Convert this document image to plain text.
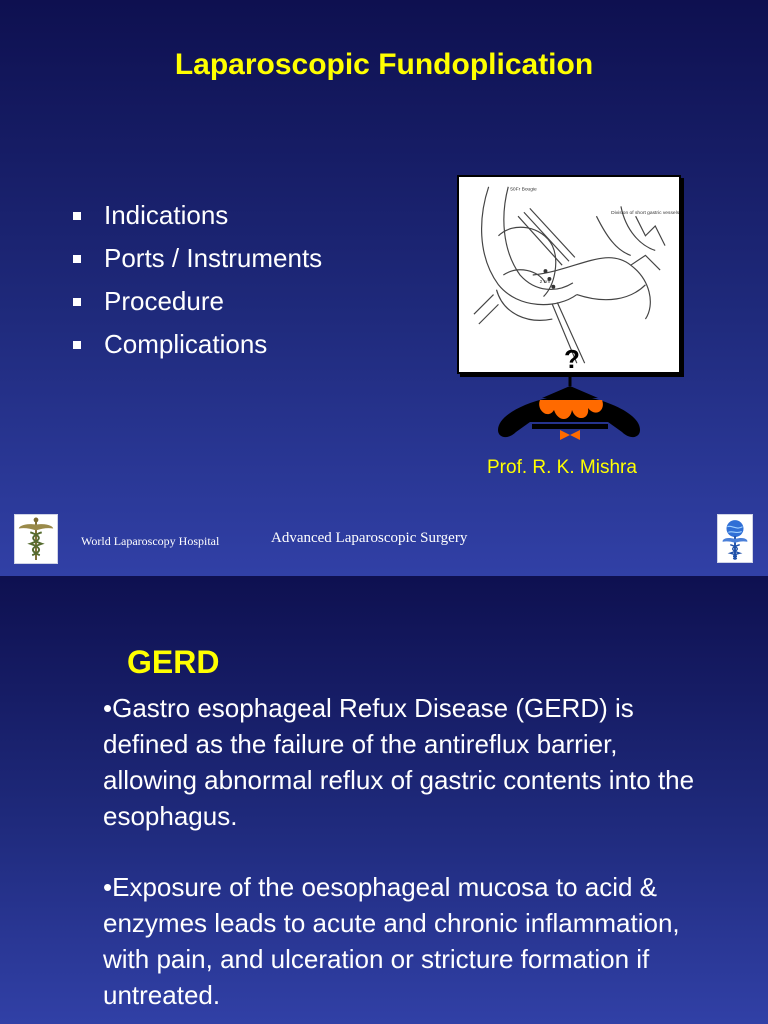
Laparoscopic Fundoplication
Indications
Ports / Instruments
Procedure
Complications
50Fr Bougie
Division of short gastric vessels
2 cm
?
Prof. R. K. Mishra
World Laparoscopy Hospital	Advanced Laparoscopic Surgery
GERD

•Gastro esophageal Refux Disease (GERD) is defined as the failure of the antireflux barrier, allowing abnormal reflux of gastric contents into the esophagus.

•Exposure of the oesophageal mucosa to acid & enzymes leads to acute and chronic inflammation, with pain, and ulceration or stricture formation if untreated.
